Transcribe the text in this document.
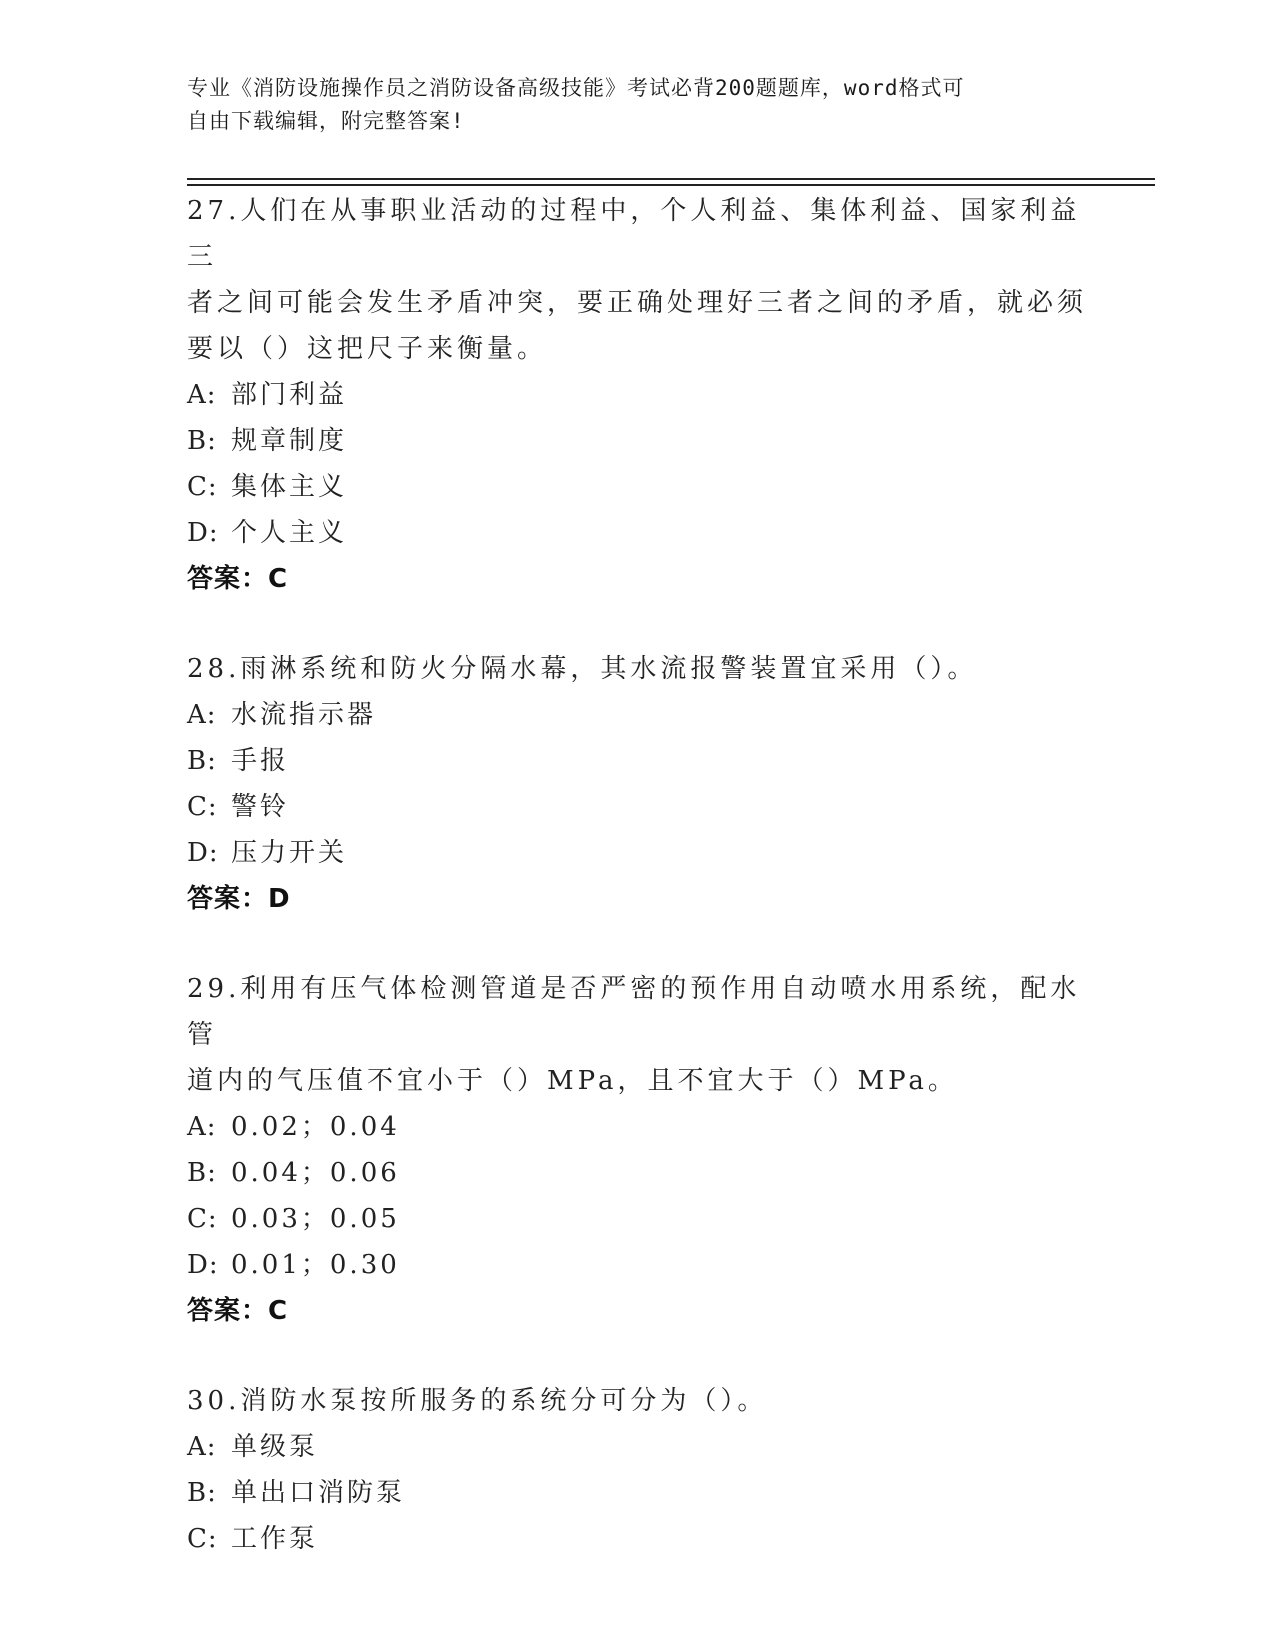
专业《消防设施操作员之消防设备高级技能》考试必背200题题库，word格式可
自由下载编辑，附完整答案!

27.人们在从事职业活动的过程中，个人利益、集体利益、国家利益三

者之间可能会发生矛盾冲突，要正确处理好三者之间的矛盾，就必须

要以（）这把尺子来衡量。

A: 部门利益

B: 规章制度

C: 集体主义

D: 个人主义

答案：C

28.雨淋系统和防火分隔水幕，其水流报警装置宜采用（）。

A: 水流指示器

B: 手报

C: 警铃

D: 压力开关

答案：D

29.利用有压气体检测管道是否严密的预作用自动喷水用系统，配水管

道内的气压值不宜小于（）MPa，且不宜大于（）MPa。

A: 0.02；0.04

B: 0.04；0.06

C: 0.03；0.05

D: 0.01；0.30

答案：C

30.消防水泵按所服务的系统分可分为（）。

A: 单级泵

B: 单出口消防泵

C: 工作泵
